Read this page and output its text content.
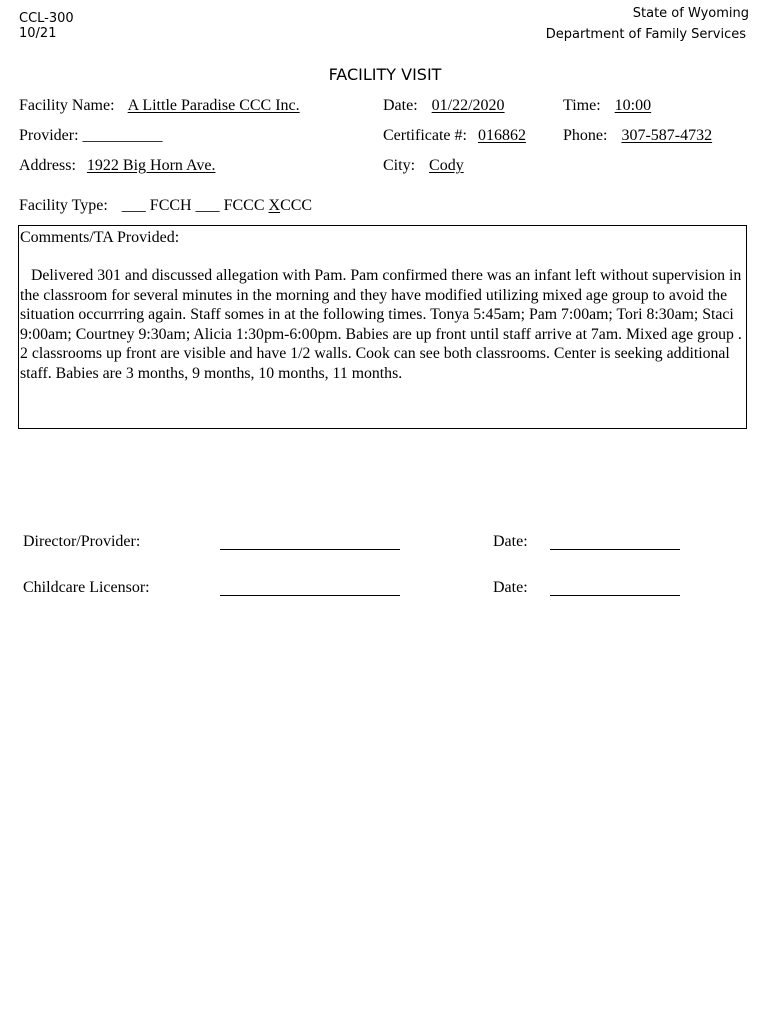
CCL-300
10/21
State of Wyoming
Department of Family Services
FACILITY VISIT
Facility Name: A Little Paradise CCC Inc.	Date: 01/22/2020	Time: 10:00
Provider: __________	Certificate #: 016862 Phone: 307-587-4732
Address: 1922 Big Horn Ave.	City: Cody
Facility Type: ___ FCCH ___ FCCC XCCC
Comments/TA Provided:
Delivered 301 and discussed allegation with Pam. Pam confirmed there was an infant left without supervision in the classroom for several minutes in the morning and they have modified utilizing mixed age group to avoid the situation occurrring again. Staff somes in at the following times. Tonya 5:45am; Pam 7:00am; Tori 8:30am; Staci 9:00am; Courtney 9:30am; Alicia 1:30pm-6:00pm. Babies are up front until staff arrive at 7am. Mixed age group . 2 classrooms up front are visible and have 1/2 walls. Cook can see both classrooms. Center is seeking additional staff. Babies are 3 months, 9 months, 10 months, 11 months.
Director/Provider:	Date:
Childcare Licensor:	Date:
